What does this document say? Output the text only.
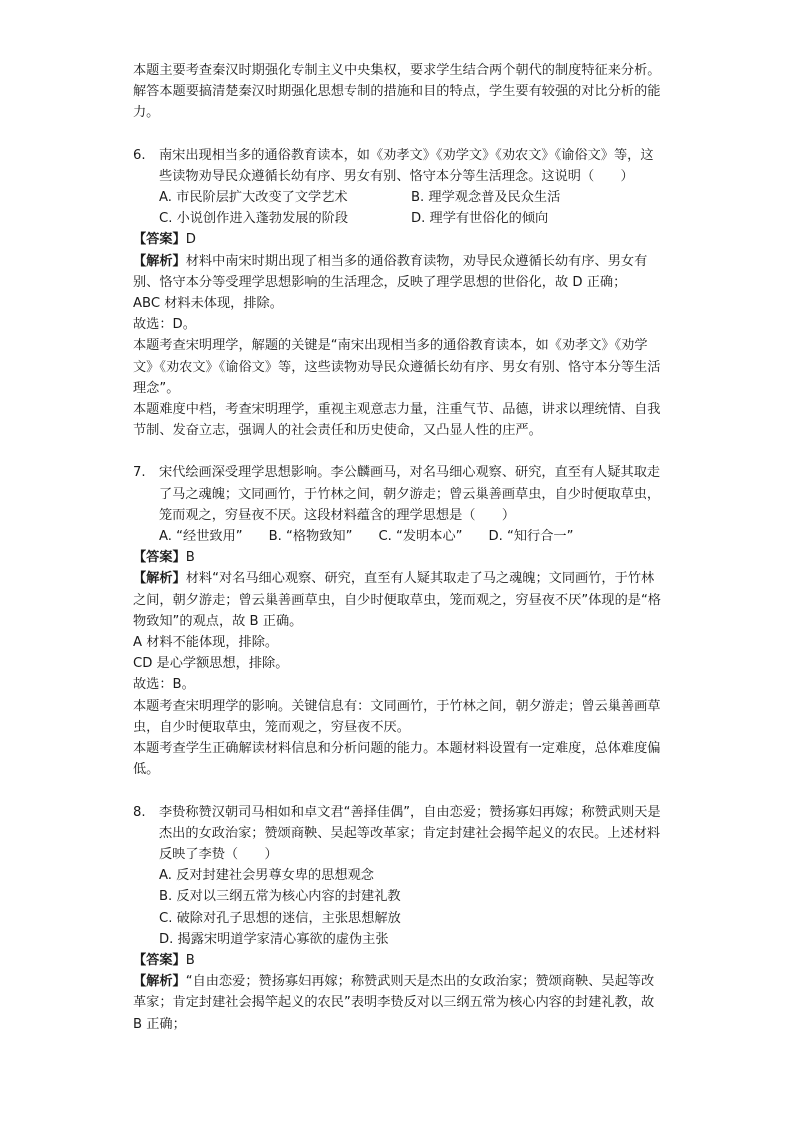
本题主要考查秦汉时期强化专制主义中央集权，要求学生结合两个朝代的制度特征来分析。

解答本题要搞清楚秦汉时期强化思想专制的措施和目的特点，学生要有较强的对比分析的能力。

6. 南宋出现相当多的通俗教育读本，如《劝孝文》《劝学文》《劝农文》《谕俗文》等，这些读物劝导民众遵循长幼有序、男女有别、恪守本分等生活理念。这说明（　　）
A. 市民阶层扩大改变了文学艺术	B. 理学观念普及民众生活
C. 小说创作进入蓬勃发展的阶段	D. 理学有世俗化的倾向

【答案】D

【解析】材料中南宋时期出现了相当多的通俗教育读物，劝导民众遵循长幼有序、男女有别、恪守本分等受理学思想影响的生活理念，反映了理学思想的世俗化，故 D 正确；

ABC 材料未体现，排除。

故选：D。

本题考查宋明理学，解题的关键是“南宋出现相当多的通俗教育读本，如《劝孝文》《劝学文》《劝农文》《谕俗文》等，这些读物劝导民众遵循长幼有序、男女有别、恪守本分等生活理念”。

本题难度中档，考查宋明理学，重视主观意志力量，注重气节、品德，讲求以理统情、自我节制、发奋立志，强调人的社会责任和历史使命，又凸显人性的庄严。

7. 宋代绘画深受理学思想影响。李公麟画马，对名马细心观察、研究，直至有人疑其取走了马之魂魄；文同画竹，于竹林之间，朝夕游走；曾云巢善画草虫，自少时便取草虫，笼而观之，穷昼夜不厌。这段材料蕴含的理学思想是（　　）
A. “经世致用” B. “格物致知” C. “发明本心” D. “知行合一”

【答案】B

【解析】材料“对名马细心观察、研究，直至有人疑其取走了马之魂魄；文同画竹，于竹林之间，朝夕游走；曾云巢善画草虫，自少时便取草虫，笼而观之，穷昼夜不厌”体现的是“格物致知”的观点，故 B 正确。

A 材料不能体现，排除。

CD 是心学额思想，排除。

故选：B。

本题考查宋明理学的影响。关键信息有：文同画竹，于竹林之间，朝夕游走；曾云巢善画草虫，自少时便取草虫，笼而观之，穷昼夜不厌。

本题考查学生正确解读材料信息和分析问题的能力。本题材料设置有一定难度，总体难度偏低。

8. 李贽称赞汉朝司马相如和卓文君“善择佳偶”，自由恋爱；赞扬寡妇再嫁；称赞武则天是杰出的女政治家；赞颂商鞅、吴起等改革家；肯定封建社会揭竿起义的农民。上述材料反映了李贽（　　）

A. 反对封建社会男尊女卑的思想观念

B. 反对以三纲五常为核心内容的封建礼教

C. 破除对孔子思想的迷信，主张思想解放

D. 揭露宋明道学家清心寡欲的虚伪主张

【答案】B

【解析】“自由恋爱；赞扬寡妇再嫁；称赞武则天是杰出的女政治家；赞颂商鞅、吴起等改革家；肯定封建社会揭竿起义的农民”表明李贽反对以三纲五常为核心内容的封建礼教，故 B 正确；
